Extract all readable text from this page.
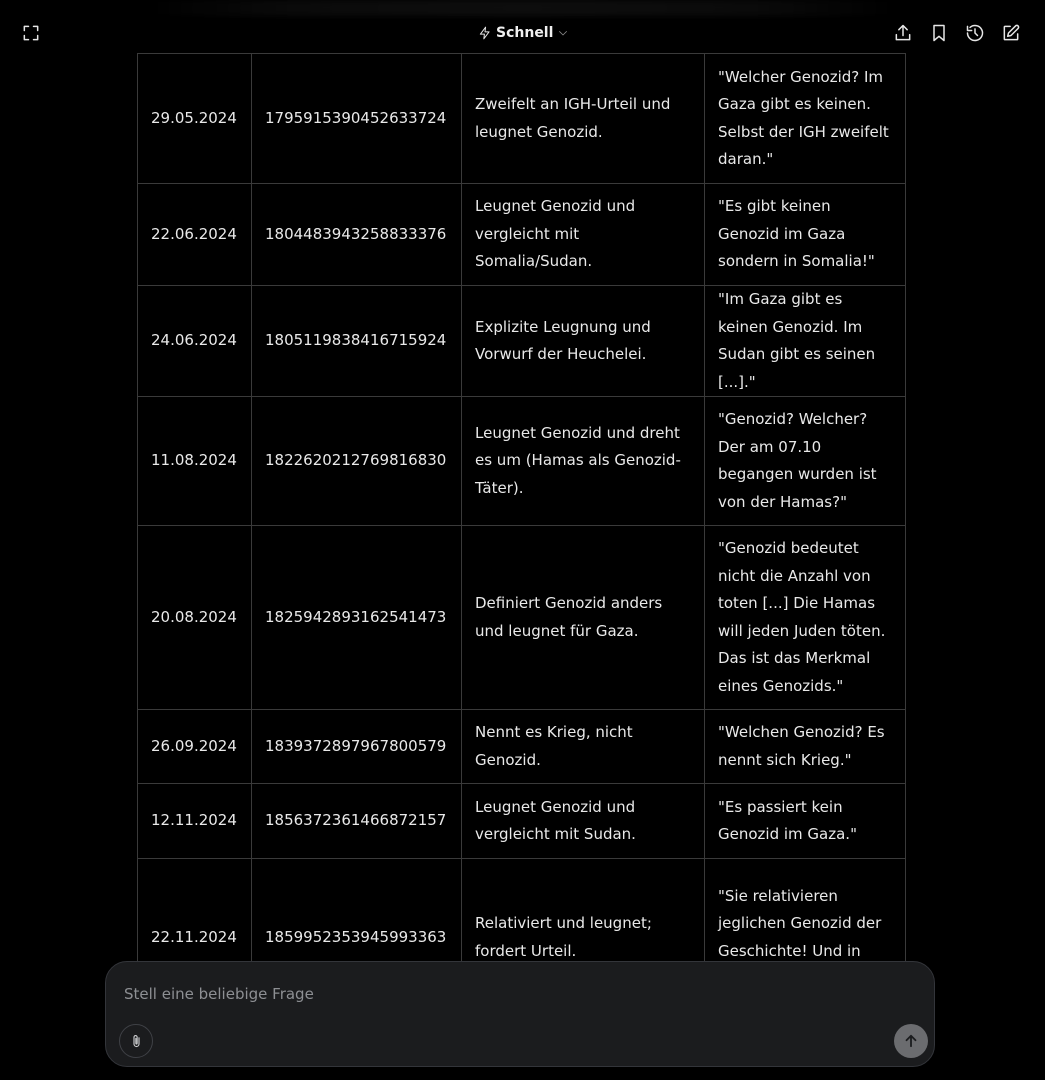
Schnell
29.05.2024	1795915390452633724	Zweifelt an IGH-Urteil und leugnet Genozid.	"Welcher Genozid? Im Gaza gibt es keinen. Selbst der IGH zweifelt daran."
22.06.2024	1804483943258833376	Leugnet Genozid und vergleicht mit Somalia/Sudan.	"Es gibt keinen Genozid im Gaza sondern in Somalia!"
24.06.2024	1805119838416715924	Explizite Leugnung und Vorwurf der Heuchelei.	"Im Gaza gibt es keinen Genozid. Im Sudan gibt es seinen [...]."
11.08.2024	1822620212769816830	Leugnet Genozid und dreht es um (Hamas als Genozid-Täter).	"Genozid? Welcher? Der am 07.10 begangen wurden ist von der Hamas?"
20.08.2024	1825942893162541473	Definiert Genozid anders und leugnet für Gaza.	"Genozid bedeutet nicht die Anzahl von toten [...] Die Hamas will jeden Juden töten. Das ist das Merkmal eines Genozids."
26.09.2024	1839372897967800579	Nennt es Krieg, nicht Genozid.	"Welchen Genozid? Es nennt sich Krieg."
12.11.2024	1856372361466872157	Leugnet Genozid und vergleicht mit Sudan.	"Es passiert kein Genozid im Gaza."
22.11.2024	1859952353945993363	Relativiert und leugnet; fordert Urteil.	"Sie relativieren jeglichen Genozid der Geschichte! Und in
Stell eine beliebige Frage
